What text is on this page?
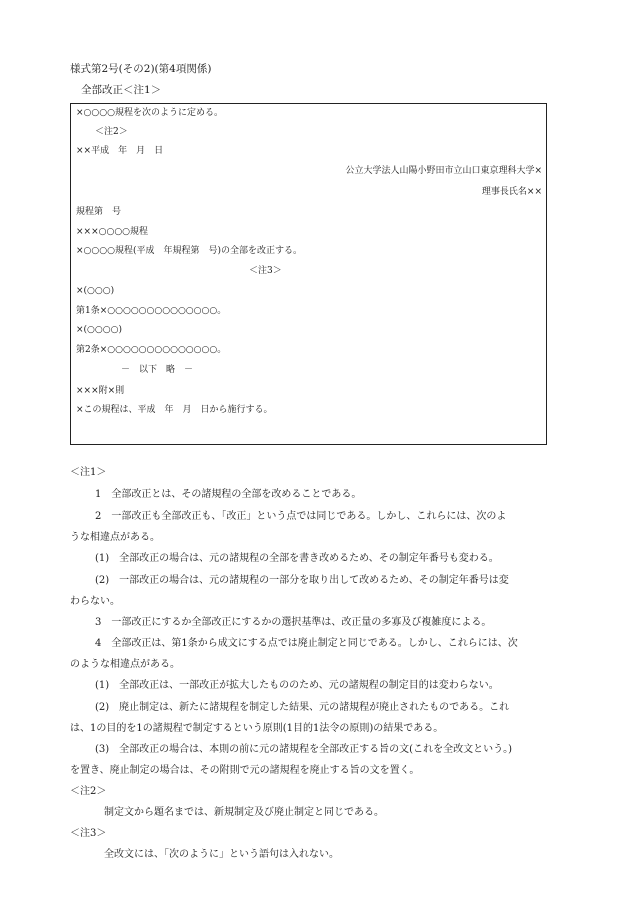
様式第2号(その2)(第4項関係)
全部改正＜注1＞
×○○○○規程を次のように定める。
＜注2＞
××平成　年　月　日
公立大学法人山陽小野田市立山口東京理科大学×
理事長氏名××
規程第　号
×××○○○○規程
×○○○○規程(平成　年規程第　号)の全部を改正する。
＜注3＞
×(○○○)
第1条×○○○○○○○○○○○○○○。
×(○○○○)
第2条×○○○○○○○○○○○○○○。
－　以下　略　－
×××附×則
×この規程は、平成　年　月　日から施行する。
＜注1＞
1　全部改正とは、その諸規程の全部を改めることである。
2　一部改正も全部改正も、「改正」という点では同じである。しかし、これらには、次のよ
うな相違点がある。
(1)　全部改正の場合は、元の諸規程の全部を書き改めるため、その制定年番号も変わる。
(2)　一部改正の場合は、元の諸規程の一部分を取り出して改めるため、その制定年番号は変
わらない。
3　一部改正にするか全部改正にするかの選択基準は、改正量の多寡及び複雑度による。
4　全部改正は、第1条から成文にする点では廃止制定と同じである。しかし、これらには、次
のような相違点がある。
(1)　全部改正は、一部改正が拡大したもののため、元の諸規程の制定目的は変わらない。
(2)　廃止制定は、新たに諸規程を制定した結果、元の諸規程が廃止されたものである。これ
は、1の目的を1の諸規程で制定するという原則(1目的1法令の原則)の結果である。
(3)　全部改正の場合は、本則の前に元の諸規程を全部改正する旨の文(これを全改文という。)
を置き、廃止制定の場合は、その附則で元の諸規程を廃止する旨の文を置く。
＜注2＞
制定文から題名までは、新規制定及び廃止制定と同じである。
＜注3＞
全改文には、「次のように」という語句は入れない。
